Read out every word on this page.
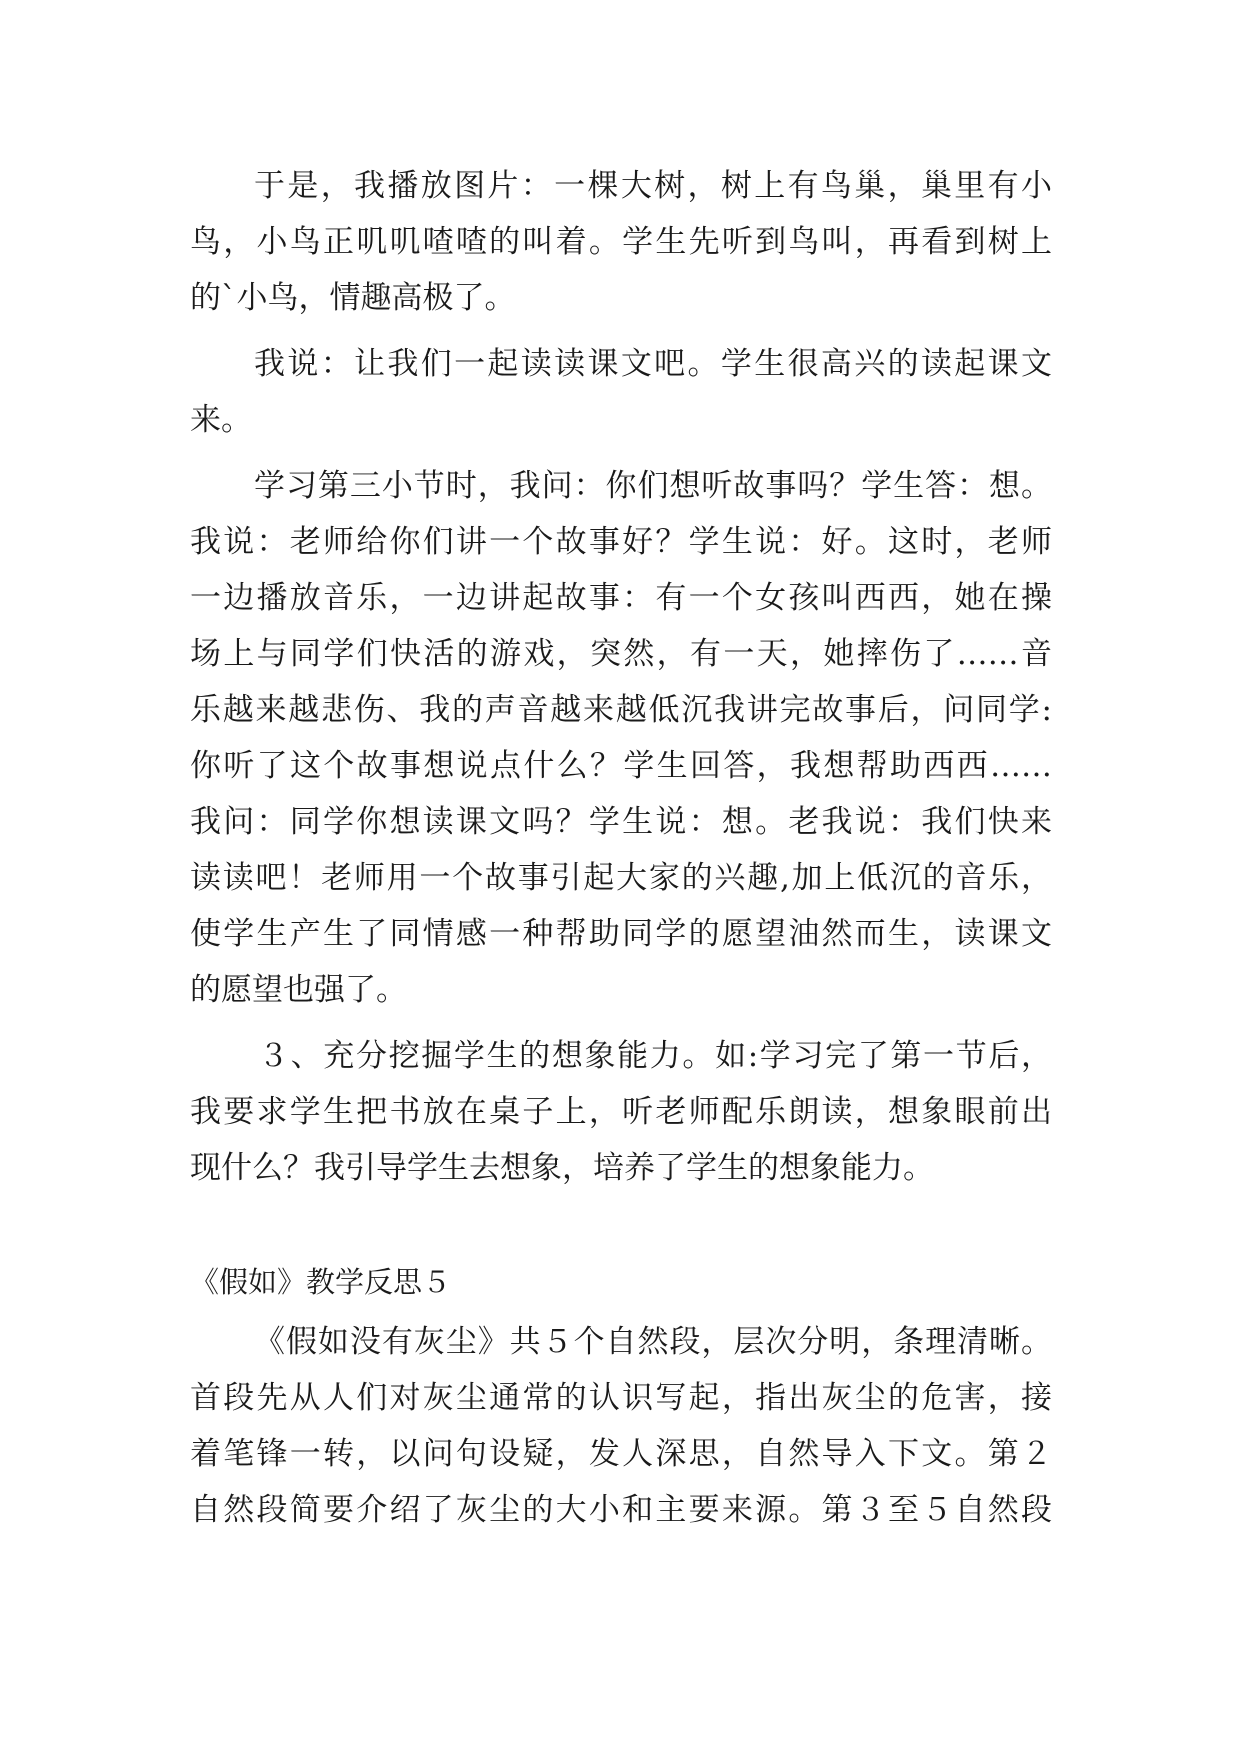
于是，我播放图片：一棵大树，树上有鸟巢，巢里有小
鸟，小鸟正叽叽喳喳的叫着。学生先听到鸟叫，再看到树上
的`小鸟，情趣高极了。
我说：让我们一起读读课文吧。学生很高兴的读起课文
来。
学习第三小节时，我问：你们想听故事吗？学生答：想。
我说：老师给你们讲一个故事好？学生说：好。这时，老师
一边播放音乐，一边讲起故事：有一个女孩叫西西，她在操
场上与同学们快活的游戏，突然，有一天，她摔伤了……音
乐越来越悲伤、我的声音越来越低沉我讲完故事后，问同学:
你听了这个故事想说点什么？学生回答，我想帮助西西……
我问：同学你想读课文吗？学生说：想。老我说：我们快来
读读吧！老师用一个故事引起大家的兴趣,加上低沉的音乐，
使学生产生了同情感一种帮助同学的愿望油然而生，读课文
的愿望也强了。
３、充分挖掘学生的想象能力。如:学习完了第一节后，
我要求学生把书放在桌子上，听老师配乐朗读，想象眼前出
现什么？我引导学生去想象，培养了学生的想象能力。
《假如》教学反思５
《假如没有灰尘》共５个自然段，层次分明，条理清晰。
首段先从人们对灰尘通常的认识写起，指出灰尘的危害，接
着笔锋一转，以问句设疑，发人深思，自然导入下文。第２
自然段简要介绍了灰尘的大小和主要来源。第３至５自然段
